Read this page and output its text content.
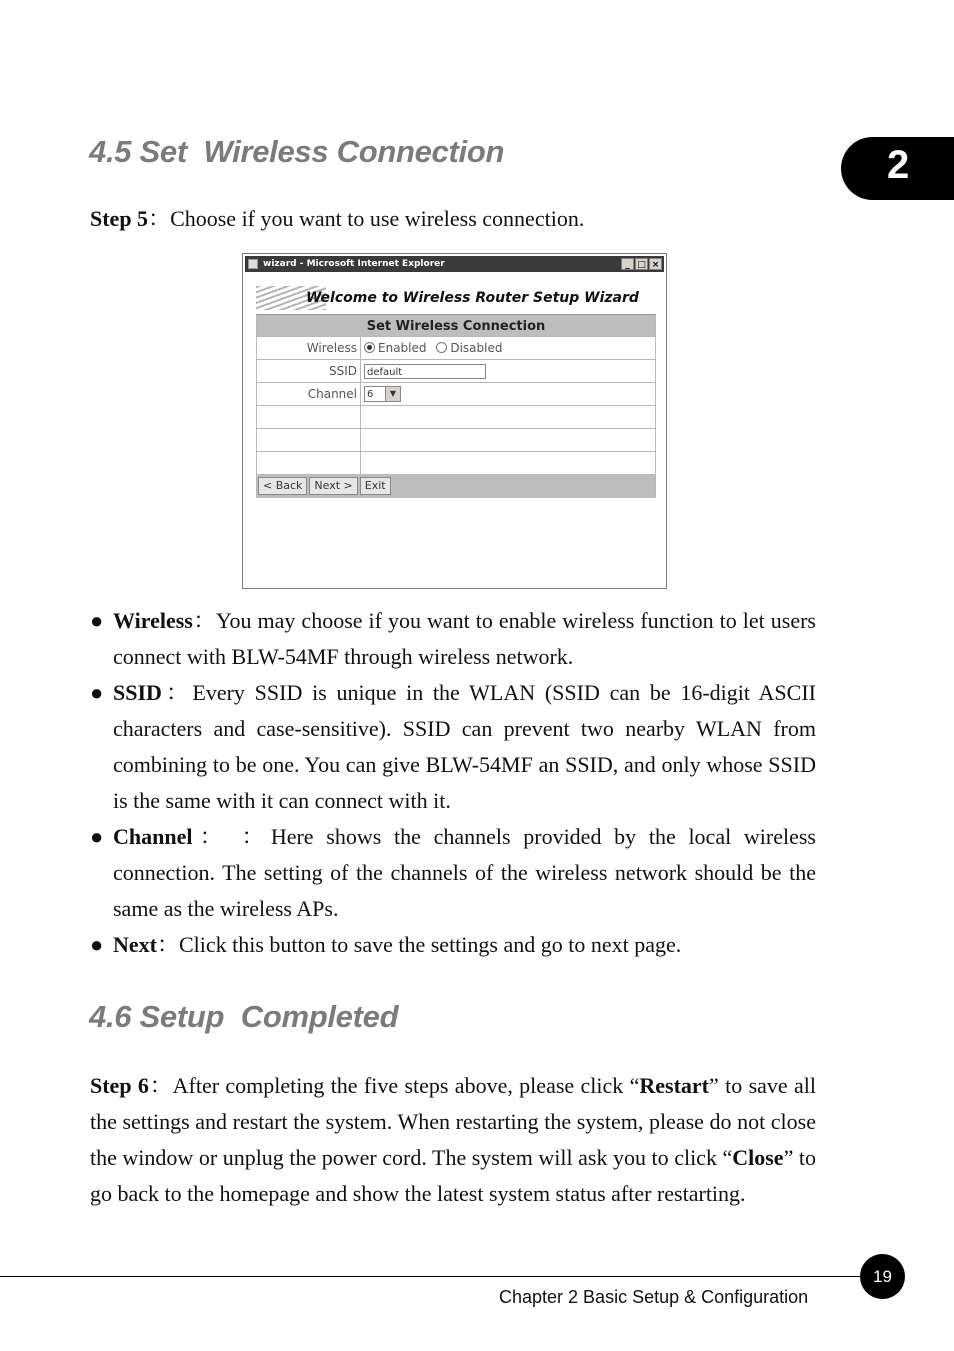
2
4.5 Set  Wireless Connection
Step 5：Choose if you want to use wireless connection.
wizard - Microsoft Internet Explorer	_ □ ×
Welcome to Wireless Router Setup Wizard
Set Wireless Connection	
Wireless	Enabled Disabled
SSID	default

Channel	6 ▼

< Back	Next >	Exit

● Wireless：You may choose if you want to enable wireless function to let users connect with BLW-54MF through wireless network.

● SSID：Every SSID is unique in the WLAN (SSID can be 16-digit ASCII characters and case-sensitive). SSID can prevent two nearby WLAN from combining to be one. You can give BLW-54MF an SSID, and only whose SSID is the same with it can connect with it.

● Channel： ：Here shows the channels provided by the local wireless connection. The setting of the channels of the wireless network should be the same as the wireless APs.

● Next：Click this button to save the settings and go to next page.

4.6 Setup  Completed
Step 6：After completing the five steps above, please click “Restart” to save all the settings and restart the system. When restarting the system, please do not close the window or unplug the power cord. The system will ask you to click “Close” to go back to the homepage and show the latest system status after restarting.
19
Chapter 2 Basic Setup & Configuration
